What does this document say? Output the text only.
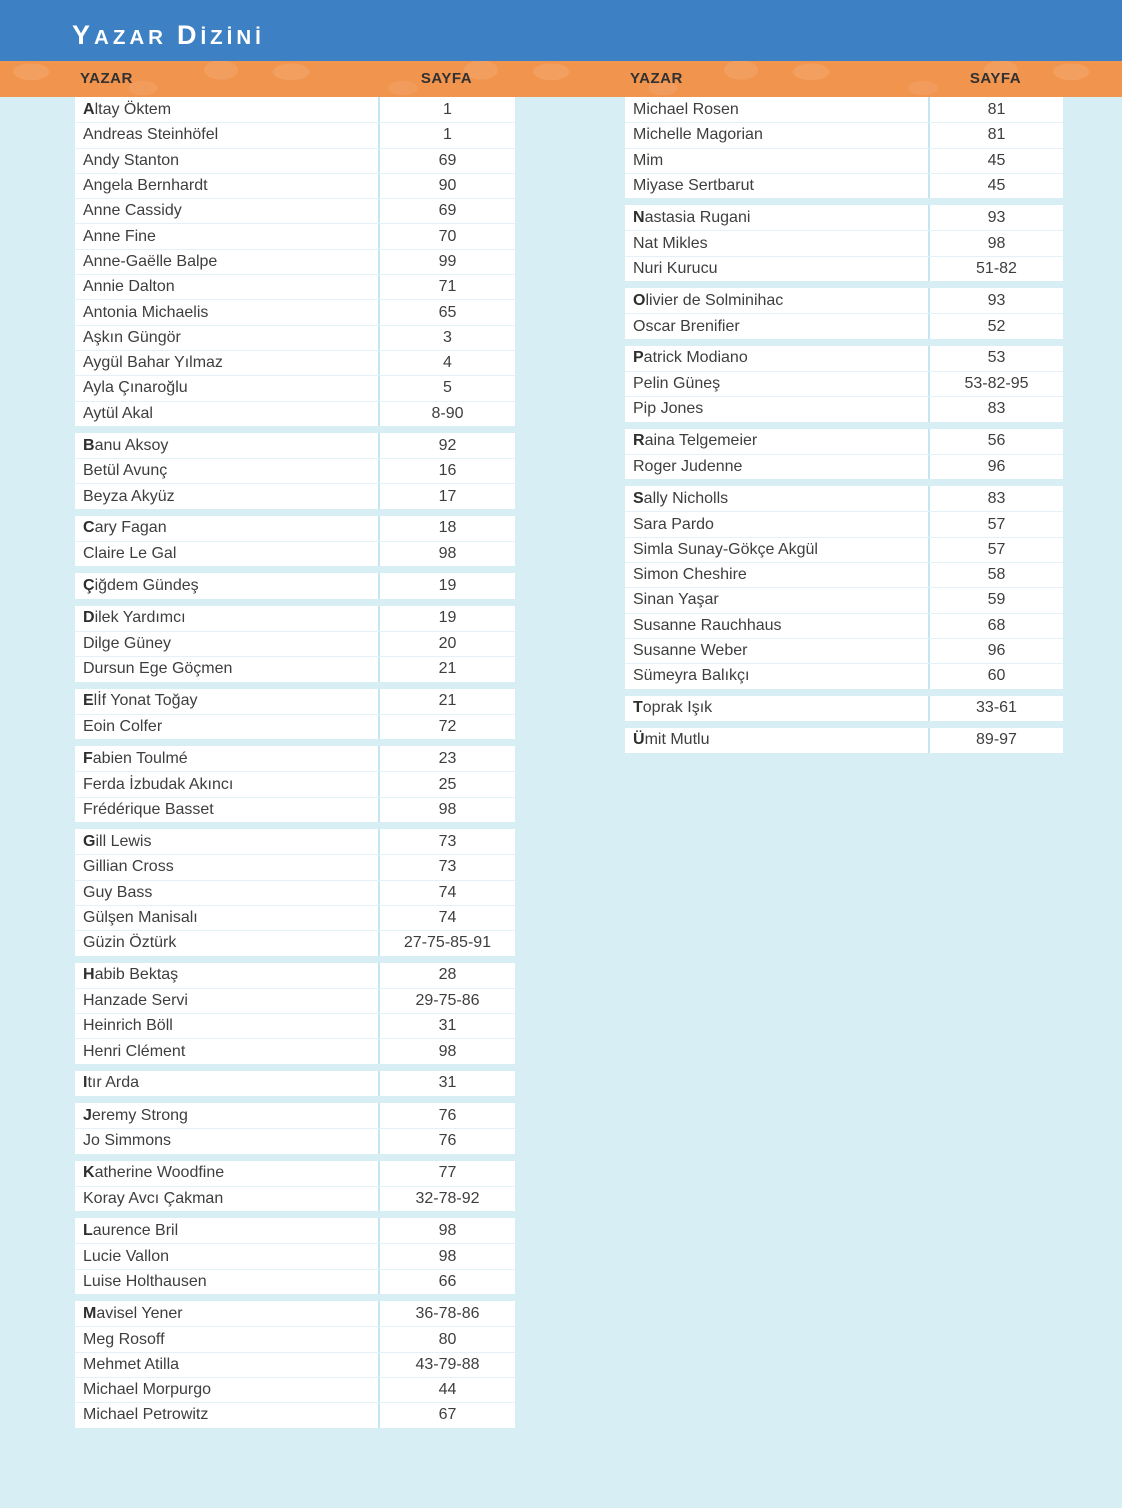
YAZAR DİZİNİ
YAZAR	SAYFA	YAZAR	SAYFA
A ltay Öktem	1
Andreas Steinhöfel	1
Andy Stanton	69
Angela Bernhardt	90
Anne Cassidy	69
Anne Fine	70
Anne-Gaëlle Balpe	99
Annie Dalton	71
Antonia Michaelis	65
Aşkın Güngör	3
Aygül Bahar Yılmaz	4
Ayla Çınaroğlu	5
Aytül Akal	8-90
B anu Aksoy	92
Betül Avunç	16
Beyza Akyüz	17
C ary Fagan	18
Claire Le Gal	98
Ç iğdem Gündeş	19
D ilek Yardımcı	19
Dilge Güney	20
Dursun Ege Göçmen	21
E lİf Yonat Toğay	21
Eoin Colfer	72
F abien Toulmé	23
Ferda İzbudak Akıncı	25
Frédérique Basset	98
G ill Lewis	73
Gillian Cross	73
Guy Bass	74
Gülşen Manisalı	74
Güzin Öztürk	27-75-85-91
H abib Bektaş	28
Hanzade Servi	29-75-86
Heinrich Böll	31
Henri Clément	98
I tır Arda	31
J eremy Strong	76
Jo Simmons	76
K atherine Woodfine	77
Koray Avcı Çakman	32-78-92
L aurence Bril	98
Lucie Vallon	98
Luise Holthausen	66
M avisel Yener	36-78-86
Meg Rosoff	80
Mehmet Atilla	43-79-88
Michael Morpurgo	44
Michael Petrowitz	67
Michael Rosen	81
Michelle Magorian	81
Mim	45
Miyase Sertbarut	45
N astasia Rugani	93
Nat Mikles	98
Nuri Kurucu	51-82
O livier de Solminihac	93
Oscar Brenifier	52
P atrick Modiano	53
Pelin Güneş	53-82-95
Pip Jones	83
R aina Telgemeier	56
Roger Judenne	96
S ally Nicholls	83
Sara Pardo	57
Simla Sunay-Gökçe Akgül	57
Simon Cheshire	58
Sinan Yaşar	59
Susanne Rauchhaus	68
Susanne Weber	96
Sümeyra Balıkçı	60
T oprak Işık	33-61
Ü mit Mutlu	89-97
